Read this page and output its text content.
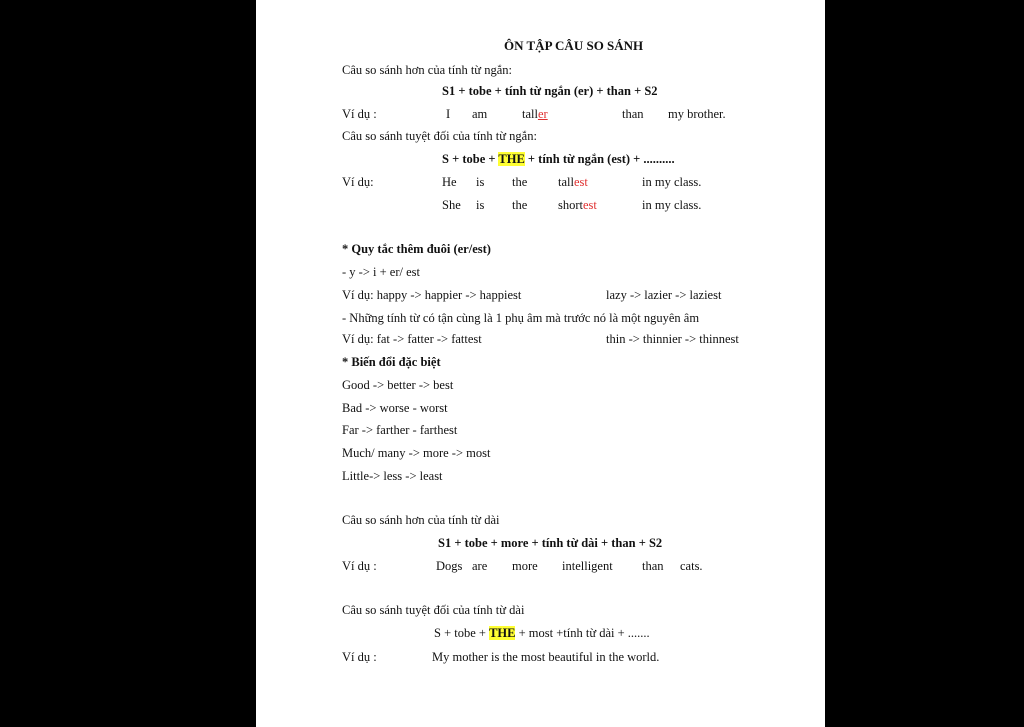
ÔN TẬP CÂU SO SÁNH
Câu so sánh hơn của tính từ ngắn:
S1 + tobe + tính từ ngắn (er) + than + S2
Ví dụ :	I am	taller	than my brother.
Câu so sánh tuyệt đối của tính từ ngắn:
S + tobe + THE + tính từ ngắn (est) + ..........
Ví dụ:	He is the tallest	in my class.
She is the shortest	in my class.
* Quy tắc thêm đuôi (er/est)
- y -> i + er/ est
Ví dụ: happy -> happier -> happiest	lazy -> lazier -> laziest
- Những tính từ có tận cùng là 1 phụ âm mà trước nó là một nguyên âm
Ví dụ: fat -> fatter -> fattest	thin -> thinnier -> thinnest
* Biến đổi đặc biệt
Good -> better -> best
Bad -> worse - worst
Far -> farther - farthest
Much/ many -> more -> most
Little-> less -> least
Câu so sánh hơn của tính từ dài
S1 + tobe + more + tính từ dài + than + S2
Ví dụ :	Dogs are more intelligent than cats.
Câu so sánh tuyệt đối của tính từ dài
S + tobe + THE + most +tính từ dài + .......
Ví dụ :	My mother is the most beautiful in the world.
